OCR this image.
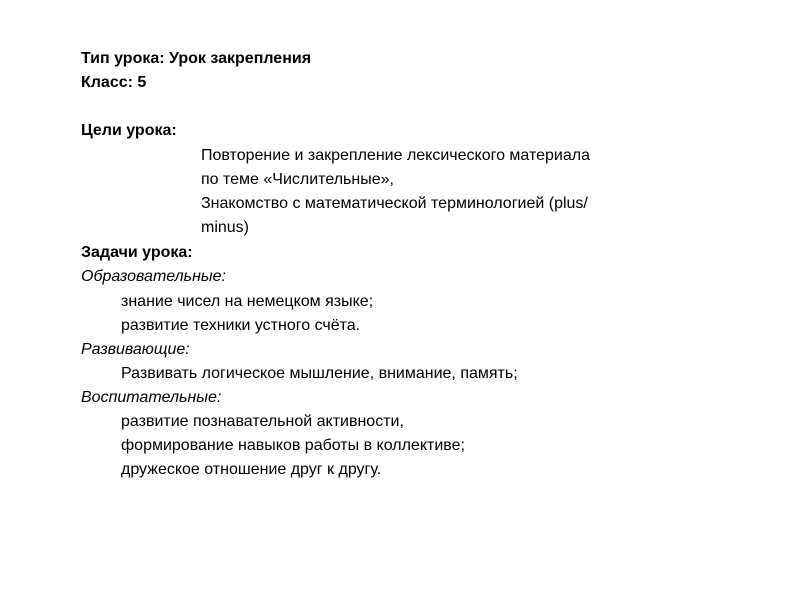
Тип урока: Урок закрепления
Класс: 5
Цели урока:
Повторение и закрепление лексического материала
по теме «Числительные»,
Знакомство с математической терминологией (plus/
minus)
Задачи урока:
Образовательные:
знание чисел на немецком языке;
развитие техники устного счёта.
Развивающие:
Развивать логическое мышление, внимание, память;
Воспитательные:
развитие познавательной активности,
формирование навыков работы в коллективе;
дружеское отношение друг к другу.
